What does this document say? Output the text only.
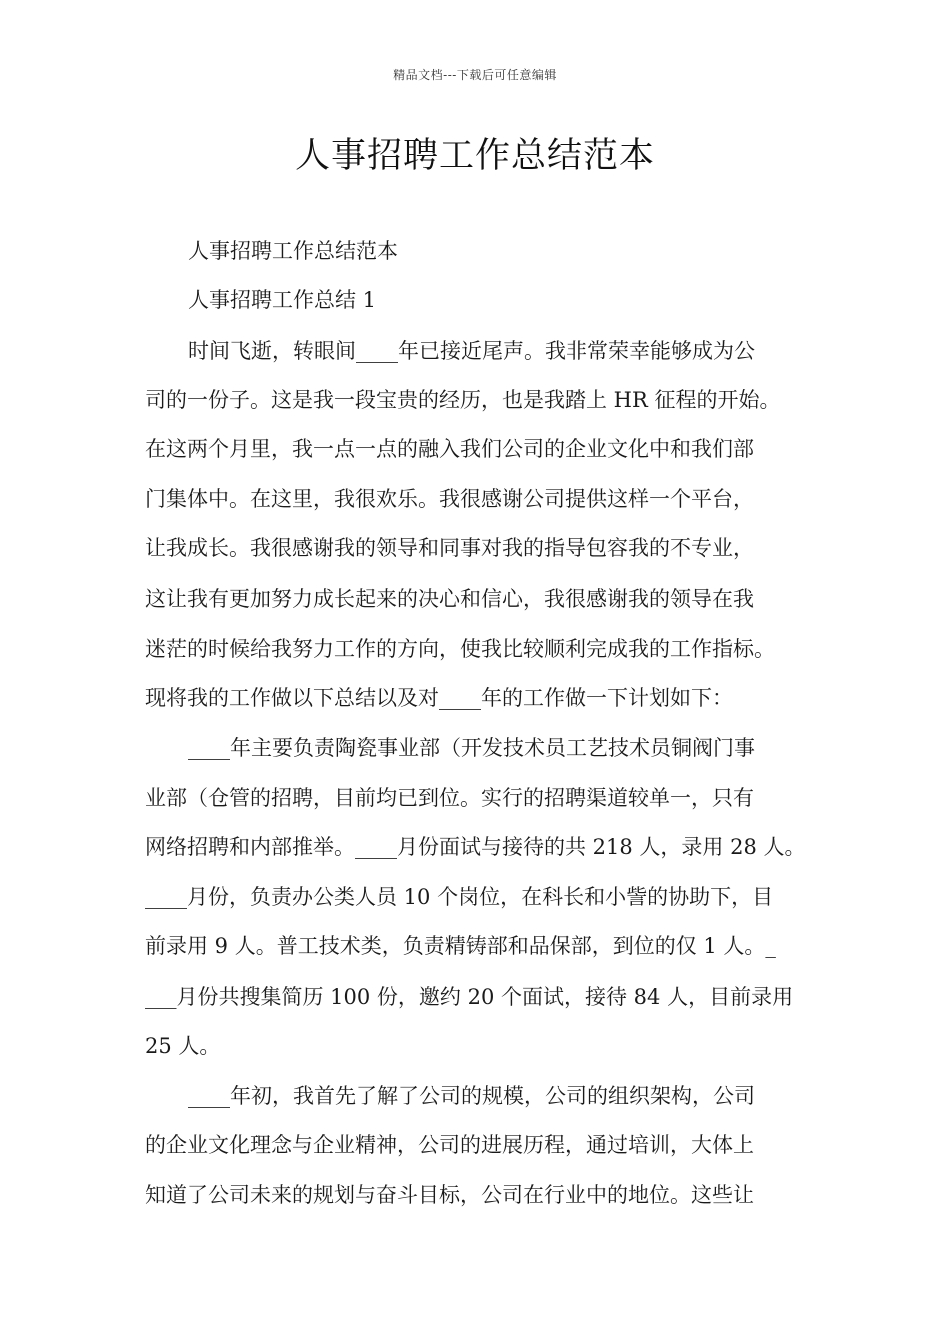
精品文档---下载后可任意编辑
人事招聘工作总结范本
人事招聘工作总结范本
人事招聘工作总结 1
时间飞逝，转眼间____年已接近尾声。我非常荣幸能够成为公
司的一份子。这是我一段宝贵的经历，也是我踏上 HR 征程的开始。
在这两个月里，我一点一点的融入我们公司的企业文化中和我们部
门集体中。在这里，我很欢乐。我很感谢公司提供这样一个平台，
让我成长。我很感谢我的领导和同事对我的指导包容我的不专业，
这让我有更加努力成长起来的决心和信心，我很感谢我的领导在我
迷茫的时候给我努力工作的方向，使我比较顺利完成我的工作指标。
现将我的工作做以下总结以及对____年的工作做一下计划如下：
____年主要负责陶瓷事业部（开发技术员工艺技术员铜阀门事
业部（仓管的招聘，目前均已到位。实行的招聘渠道较单一，只有
网络招聘和内部推举。____月份面试与接待的共 218 人，录用 28 人。
____月份，负责办公类人员 10 个岗位，在科长和小訾的协助下，目
前录用 9 人。普工技术类，负责精铸部和品保部，到位的仅 1 人。_
___月份共搜集简历 100 份，邀约 20 个面试，接待 84 人，目前录用
25 人。
____年初，我首先了解了公司的规模，公司的组织架构，公司
的企业文化理念与企业精神，公司的进展历程，通过培训，大体上
知道了公司未来的规划与奋斗目标，公司在行业中的地位。这些让
